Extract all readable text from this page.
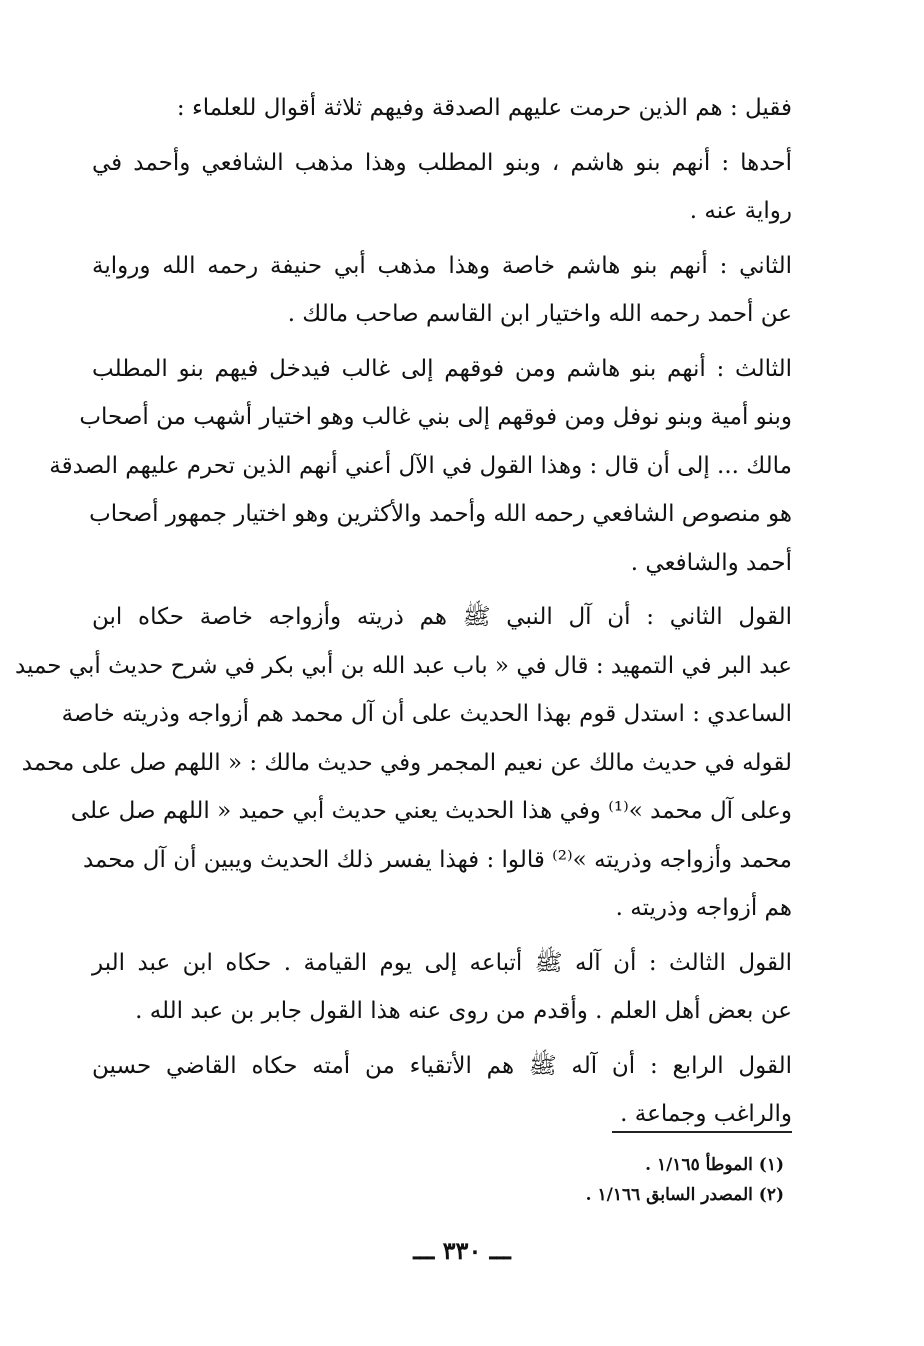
فقيل : هم الذين حرمت عليهم الصدقة وفيهم ثلاثة أقوال للعلماء :
أحدها : أنهم بنو هاشم ، وبنو المطلب وهذا مذهب الشافعي وأحمد في
رواية عنه .
الثاني : أنهم بنو هاشم خاصة وهذا مذهب أبي حنيفة رحمه الله ورواية
عن أحمد رحمه الله واختيار ابن القاسم صاحب مالك .
الثالث : أنهم بنو هاشم ومن فوقهم إلى غالب فيدخل فيهم بنو المطلب
وبنو أمية وبنو نوفل ومن فوقهم إلى بني غالب وهو اختيار أشهب من أصحاب
مالك ... إلى أن قال : وهذا القول في الآل أعني أنهم الذين تحرم عليهم الصدقة
هو منصوص الشافعي رحمه الله وأحمد والأكثرين وهو اختيار جمهور أصحاب
أحمد والشافعي .
القول الثاني : أن آل النبي ﷺ هم ذريته وأزواجه خاصة حكاه ابن
عبد البر في التمهيد : قال في « باب عبد الله بن أبي بكر في شرح حديث أبي حميد
الساعدي : استدل قوم بهذا الحديث على أن آل محمد هم أزواجه وذريته خاصة
لقوله في حديث مالك عن نعيم المجمر وفي حديث مالك : « اللهم صل على محمد
وعلى آل محمد »⁽¹⁾ وفي هذا الحديث يعني حديث أبي حميد « اللهم صل على
محمد وأزواجه وذريته »⁽²⁾ قالوا : فهذا يفسر ذلك الحديث ويبين أن آل محمد
هم أزواجه وذريته .
القول الثالث : أن آله ﷺ أتباعه إلى يوم القيامة . حكاه ابن عبد البر
عن بعض أهل العلم . وأقدم من روى عنه هذا القول جابر بن عبد الله .
القول الرابع : أن آله ﷺ هم الأتقياء من أمته حكاه القاضي حسين
والراغب وجماعة .
(١) الموطأ ١/١٦٥ .
(٢) المصدر السابق ١/١٦٦ .
ـــ ٣٣٠ ـــ
